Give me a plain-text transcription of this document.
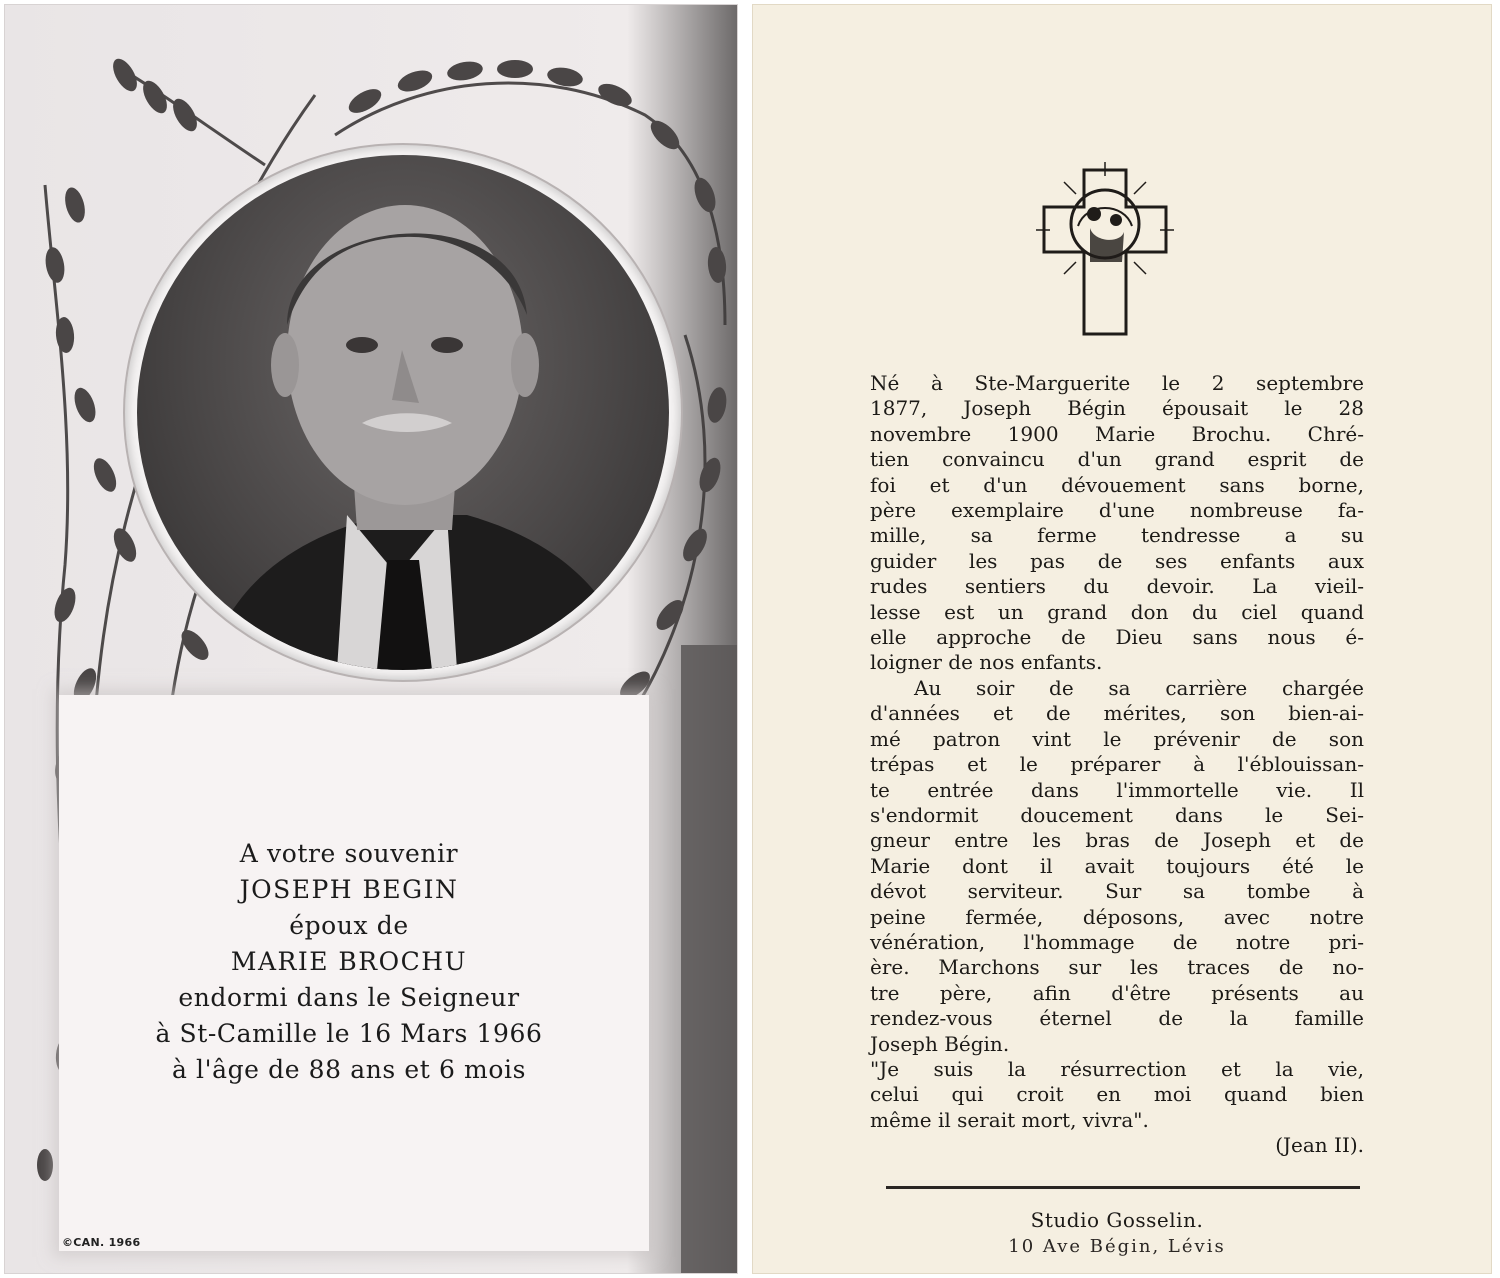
A votre souvenir
JOSEPH BEGIN
époux de
MARIE BROCHU
endormi dans le Seigneur
à St-Camille le 16 Mars 1966
à l'âge de 88 ans et 6 mois
©CAN. 1966

Né à Ste-Marguerite le 2 septembre

1877, Joseph Bégin épousait le 28

novembre 1900 Marie Brochu. Chré-

tien convaincu d'un grand esprit de

foi et d'un dévouement sans borne,

père exemplaire d'une nombreuse fa-

mille, sa ferme tendresse a su

guider les pas de ses enfants aux

rudes sentiers du devoir. La vieil-

lesse est un grand don du ciel quand

elle approche de Dieu sans nous é-

loigner de nos enfants.

Au soir de sa carrière chargée

d'années et de mérites, son bien-ai-

mé patron vint le prévenir de son

trépas et le préparer à l'éblouissan-

te entrée dans l'immortelle vie. Il

s'endormit doucement dans le Sei-

gneur entre les bras de Joseph et de

Marie dont il avait toujours été le

dévot serviteur. Sur sa tombe à

peine fermée, déposons, avec notre

vénération, l'hommage de notre pri-

ère. Marchons sur les traces de no-

tre père, afin d'être présents au

rendez-vous éternel de la famille

Joseph Bégin.

"Je suis la résurrection et la vie,

celui qui croit en moi quand bien

même il serait mort, vivra".

(Jean II).

Studio Gosselin.
10 Ave Bégin, Lévis
